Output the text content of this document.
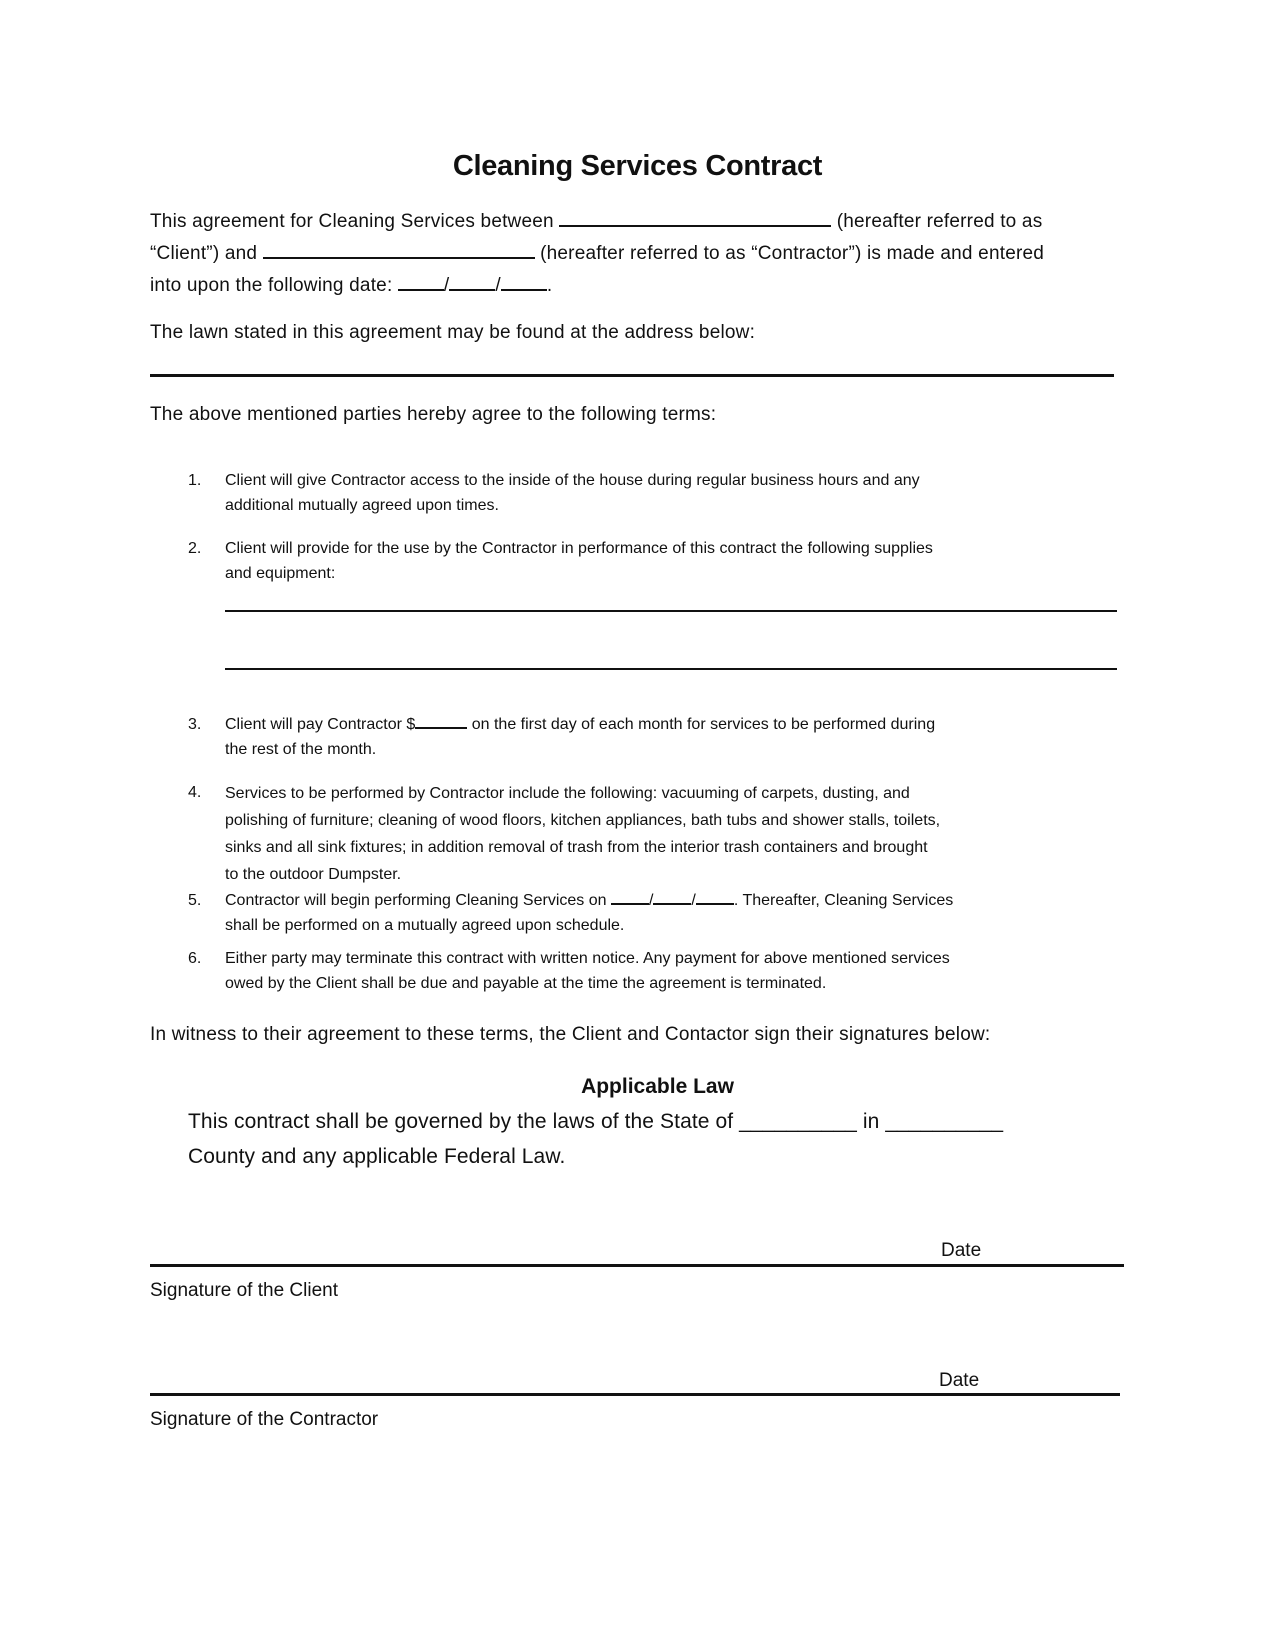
Cleaning Services Contract
This agreement for Cleaning Services between	(hereafter referred to as
“Client”) and	(hereafter referred to as “Contractor”) is made and entered
into upon the following date: / / .
The lawn stated in this agreement may be found at the address below:
The above mentioned parties hereby agree to the following terms:
1.	Client will give Contractor access to the inside of the house during regular business hours and any
additional mutually agreed upon times.
2.	Client will provide for the use by the Contractor in performance of this contract the following supplies
and equipment:
3.	Client will pay Contractor $	on the first day of each month for services to be performed during
the rest of the month.
4.	Services to be performed by Contractor include the following: vacuuming of carpets, dusting, and
polishing of furniture; cleaning of wood floors, kitchen appliances, bath tubs and shower stalls, toilets,
sinks and all sink fixtures; in addition removal of trash from the interior trash containers and brought
to the outdoor Dumpster.
5.	Contractor will begin performing Cleaning Services on / / . Thereafter, Cleaning Services
shall be performed on a mutually agreed upon schedule.
6.	Either party may terminate this contract with written notice. Any payment for above mentioned services
owed by the Client shall be due and payable at the time the agreement is terminated.
In witness to their agreement to these terms, the Client and Contactor sign their signatures below:
Applicable Law
This contract shall be governed by the laws of the State of __________ in __________
County and any applicable Federal Law.
Date
Signature of the Client
Date
Signature of the Contractor
